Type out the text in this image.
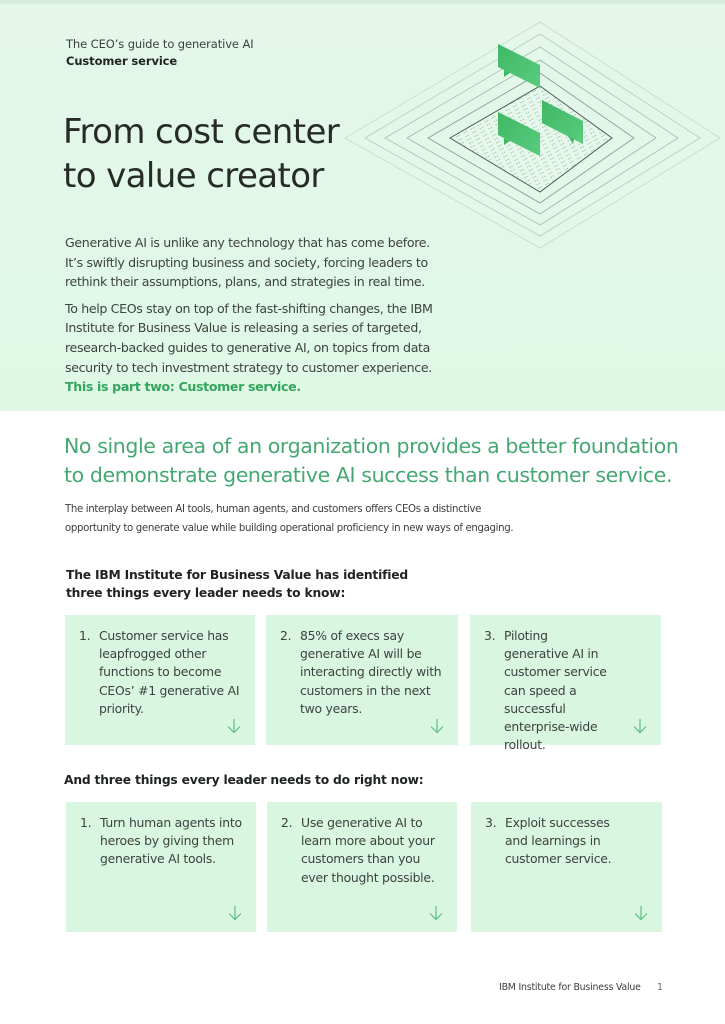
The CEO’s guide to generative AI
Customer service
From cost center
to value creator

Generative AI is unlike any technology that has come before. It’s swiftly disrupting business and society, forcing leaders to rethink their assumptions, plans, and strategies in real time.

To help CEOs stay on top of the fast-shifting changes, the IBM Institute for Business Value is releasing a series of targeted, research-backed guides to generative AI, on topics from data security to tech investment strategy to customer experience.
This is part two: Customer service.

No single area of an organization provides a better foundation to demonstrate generative AI success than customer service.
The interplay between AI tools, human agents, and customers offers CEOs a distinctive opportunity to generate value while building operational proficiency in new ways of engaging.
The IBM Institute for Business Value has identified
three things every leader needs to know:
1. Customer service has leapfrogged other functions to become CEOs’ #1 generative AI priority.
2. 85% of execs say generative AI will be interacting directly with customers in the next two years.
3. Piloting generative AI in customer service can speed a successful enterprise-wide rollout.
And three things every leader needs to do right now:
1. Turn human agents into heroes by giving them generative AI tools.
2. Use generative AI to learn more about your customers than you ever thought possible.
3. Exploit successes and learnings in customer service.
IBM Institute for Business Value 1
